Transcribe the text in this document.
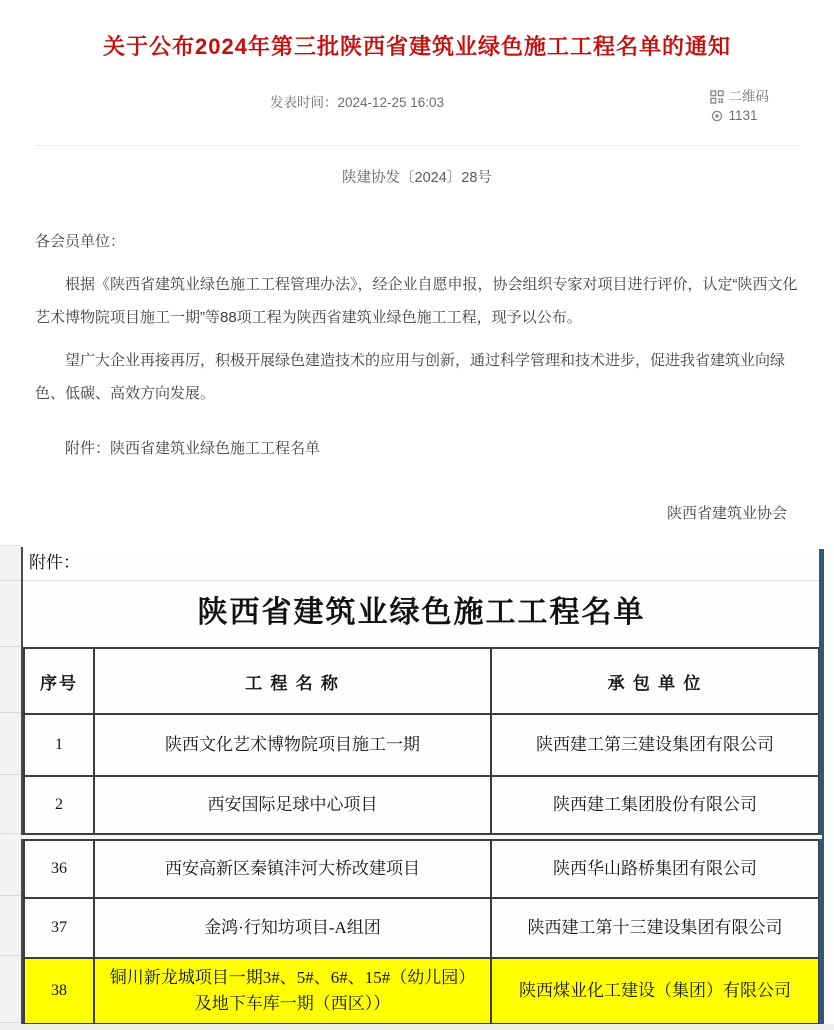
关于公布2024年第三批陕西省建筑业绿色施工工程名单的通知
发表时间：2024-12-25 16:03	二维码
1131
陕建协发〔2024〕28号
各会员单位：
根据《陕西省建筑业绿色施工工程管理办法》，经企业自愿申报，协会组织专家对项目进行评价，认定“陕西文化艺术博物院项目施工一期”等88项工程为陕西省建筑业绿色施工工程，现予以公布。
望广大企业再接再厉，积极开展绿色建造技术的应用与创新，通过科学管理和技术进步，促进我省建筑业向绿色、低碳、高效方向发展。
附件：陕西省建筑业绿色施工工程名单
陕西省建筑业协会
附件：
陕西省建筑业绿色施工工程名单
序号	工 程 名 称	承 包 单 位
1	陕西文化艺术博物院项目施工一期	陕西建工第三建设集团有限公司
2	西安国际足球中心项目	陕西建工集团股份有限公司
36	西安高新区秦镇沣河大桥改建项目	陕西华山路桥集团有限公司
37	金鸿·行知坊项目-A组团	陕西建工第十三建设集团有限公司
38	铜川新龙城项目一期3#、5#、6#、15#（幼儿园）及地下车库一期（西区））	陕西煤业化工建设（集团）有限公司
